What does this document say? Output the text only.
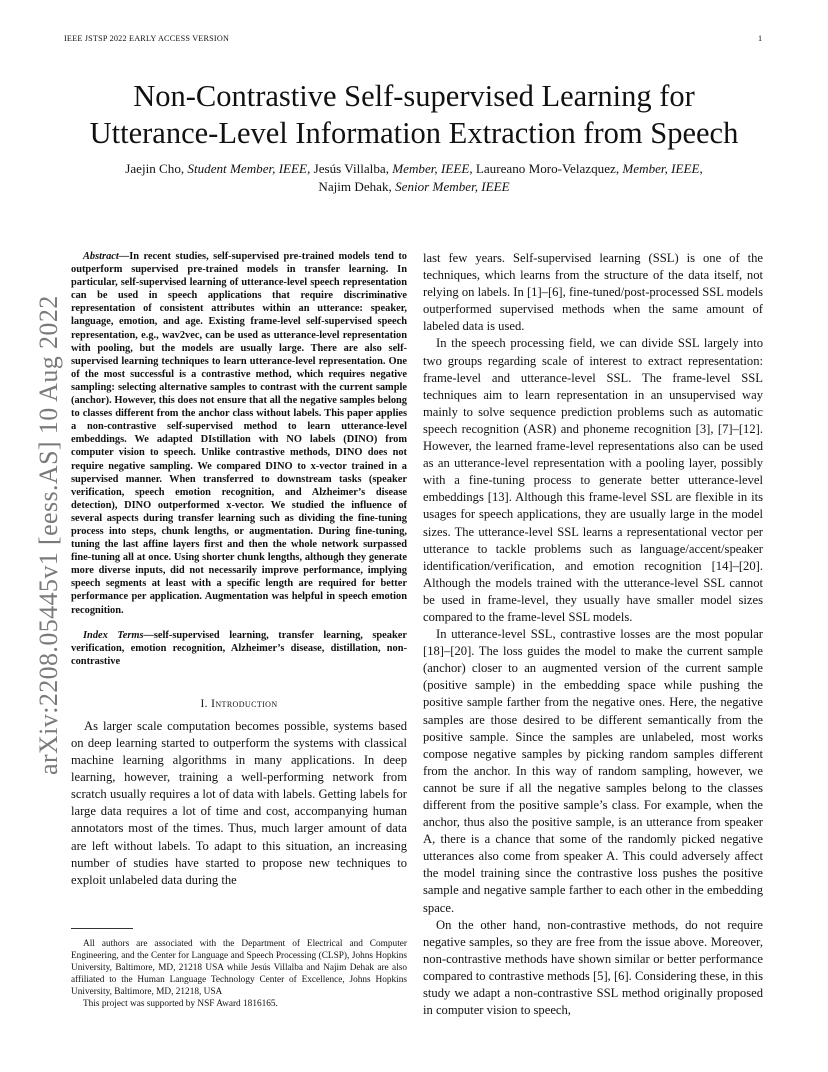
IEEE JSTSP 2022 EARLY ACCESS VERSION	1
Non-Contrastive Self-supervised Learning for
Utterance-Level Information Extraction from Speech
Jaejin Cho, Student Member, IEEE, Jesús Villalba, Member, IEEE, Laureano Moro-Velazquez, Member, IEEE,
Najim Dehak, Senior Member, IEEE
arXiv:2208.05445v1 [eess.AS] 10 Aug 2022

Abstract—In recent studies, self-supervised pre-trained models tend to outperform supervised pre-trained models in transfer learning. In particular, self-supervised learning of utterance-level speech representation can be used in speech applications that require discriminative representation of consistent attributes within an utterance: speaker, language, emotion, and age. Existing frame-level self-supervised speech representation, e.g., wav2vec, can be used as utterance-level representation with pooling, but the models are usually large. There are also self-supervised learning techniques to learn utterance-level representation. One of the most successful is a contrastive method, which requires negative sampling: selecting alternative samples to contrast with the current sample (anchor). However, this does not ensure that all the negative samples belong to classes different from the anchor class without labels. This paper applies a non-contrastive self-supervised method to learn utterance-level embeddings. We adapted DIstillation with NO labels (DINO) from computer vision to speech. Unlike contrastive methods, DINO does not require negative sampling. We compared DINO to x-vector trained in a supervised manner. When transferred to downstream tasks (speaker verification, speech emotion recognition, and Alzheimer’s disease detection), DINO outperformed x-vector. We studied the influence of several aspects during transfer learning such as dividing the fine-tuning process into steps, chunk lengths, or augmentation. During fine-tuning, tuning the last affine layers first and then the whole network surpassed fine-tuning all at once. Using shorter chunk lengths, although they generate more diverse inputs, did not necessarily improve performance, implying speech segments at least with a specific length are required for better performance per application. Augmentation was helpful in speech emotion recognition.

Index Terms—self-supervised learning, transfer learning, speaker verification, emotion recognition, Alzheimer’s disease, distillation, non-contrastive

I. Introduction

As larger scale computation becomes possible, systems based on deep learning started to outperform the systems with classical machine learning algorithms in many applications. In deep learning, however, training a well-performing network from scratch usually requires a lot of data with labels. Getting labels for large data requires a lot of time and cost, accompanying human annotators most of the times. Thus, much larger amount of data are left without labels. To adapt to this situation, an increasing number of studies have started to propose new techniques to exploit unlabeled data during the

last few years. Self-supervised learning (SSL) is one of the techniques, which learns from the structure of the data itself, not relying on labels. In [1]–[6], fine-tuned/post-processed SSL models outperformed supervised methods when the same amount of labeled data is used.

In the speech processing field, we can divide SSL largely into two groups regarding scale of interest to extract representation: frame-level and utterance-level SSL. The frame-level SSL techniques aim to learn representation in an unsupervised way mainly to solve sequence prediction problems such as automatic speech recognition (ASR) and phoneme recognition [3], [7]–[12]. However, the learned frame-level representations also can be used as an utterance-level representation with a pooling layer, possibly with a fine-tuning process to generate better utterance-level embeddings [13]. Although this frame-level SSL are flexible in its usages for speech applications, they are usually large in the model sizes. The utterance-level SSL learns a representational vector per utterance to tackle problems such as language/accent/speaker identification/verification, and emotion recognition [14]–[20]. Although the models trained with the utterance-level SSL cannot be used in frame-level, they usually have smaller model sizes compared to the frame-level SSL models.

In utterance-level SSL, contrastive losses are the most popular [18]–[20]. The loss guides the model to make the current sample (anchor) closer to an augmented version of the current sample (positive sample) in the embedding space while pushing the positive sample farther from the negative ones. Here, the negative samples are those desired to be different semantically from the positive sample. Since the samples are unlabeled, most works compose negative samples by picking random samples different from the anchor. In this way of random sampling, however, we cannot be sure if all the negative samples belong to the classes different from the positive sample’s class. For example, when the anchor, thus also the positive sample, is an utterance from speaker A, there is a chance that some of the randomly picked negative utterances also come from speaker A. This could adversely affect the model training since the contrastive loss pushes the positive sample and negative sample farther to each other in the embedding space.

On the other hand, non-contrastive methods, do not require negative samples, so they are free from the issue above. Moreover, non-contrastive methods have shown similar or better performance compared to contrastive methods [5], [6]. Considering these, in this study we adapt a non-contrastive SSL method originally proposed in computer vision to speech,

All authors are associated with the Department of Electrical and Computer Engineering, and the Center for Language and Speech Processing (CLSP), Johns Hopkins University, Baltimore, MD, 21218 USA while Jesús Villalba and Najim Dehak are also affiliated to the Human Language Technology Center of Excellence, Johns Hopkins University, Baltimore, MD, 21218, USA

This project was supported by NSF Award 1816165.
